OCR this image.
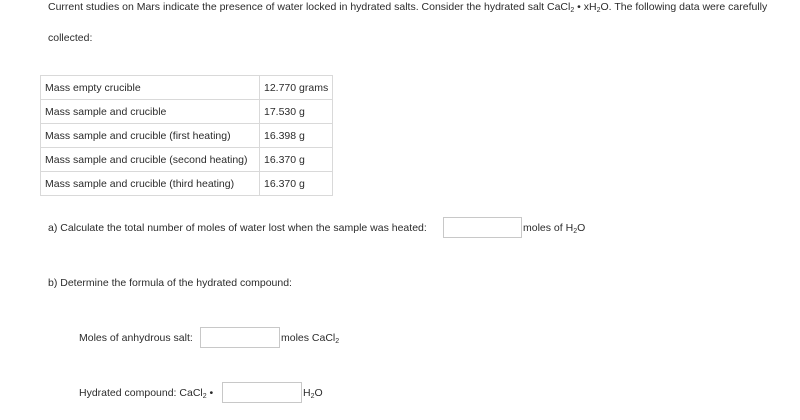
Current studies on Mars indicate the presence of water locked in hydrated salts. Consider the hydrated salt CaCl$_2$ • $xH_2O$. The following data were carefully
collected:
Mass empty crucible	12.770 grams
Mass sample and crucible	17.530 g
Mass sample and crucible (first heating)	16.398 g
Mass sample and crucible (second heating)	16.370 g
Mass sample and crucible (third heating)	16.370 g
a) Calculate the total number of moles of water lost when the sample was heated:	moles of $H_2O$
b) Determine the formula of the hydrated compound:
Moles of anhydrous salt:	moles CaCl$_2$
Hydrated compound: CaCl$_2$ •	$H_2O$
